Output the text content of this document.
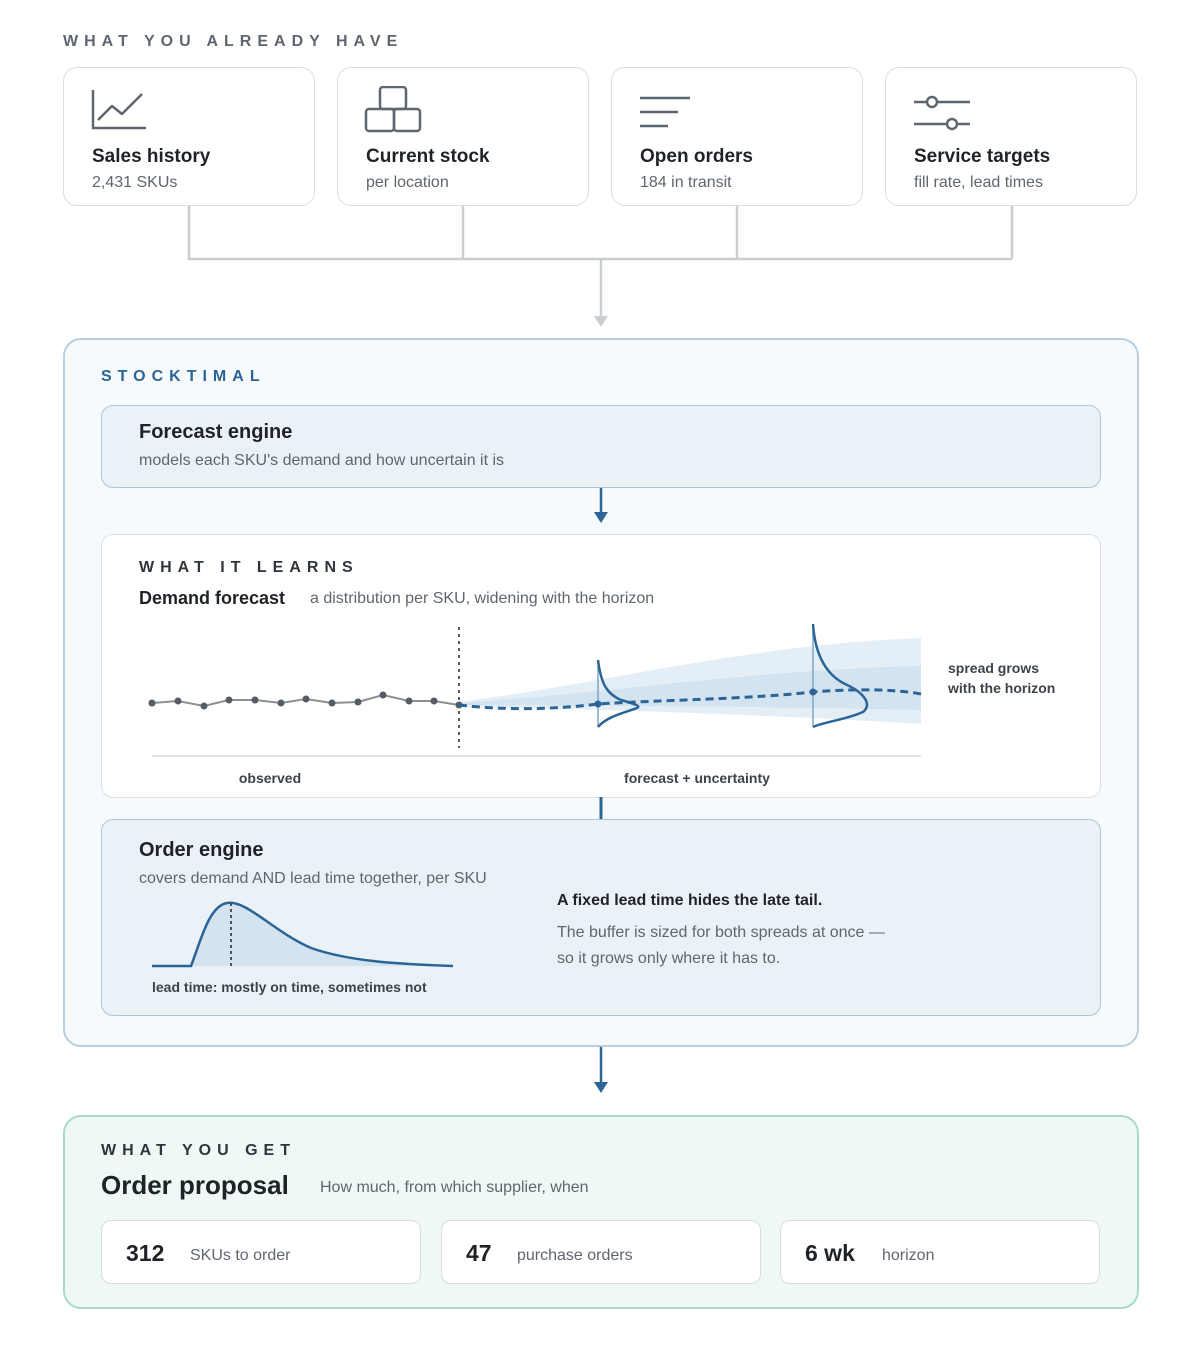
WHAT YOU ALREADY HAVE
Sales history
2,431 SKUs
Current stock
per location
Open orders
184 in transit
Service targets
fill rate, lead times
STOCKTIMAL
Forecast engine
models each SKU's demand and how uncertain it is
WHAT IT LEARNS
Demand forecast a distribution per SKU, widening with the horizon
observed	forecast + uncertainty
spread grows
with the horizon
Order engine
covers demand AND lead time together, per SKU
A fixed lead time hides the late tail.
The buffer is sized for both spreads at once —
so it grows only where it has to.
lead time: mostly on time, sometimes not
WHAT YOU GET
Order proposal How much, from which supplier, when
312 SKUs to order	47 purchase orders	6 wk horizon
